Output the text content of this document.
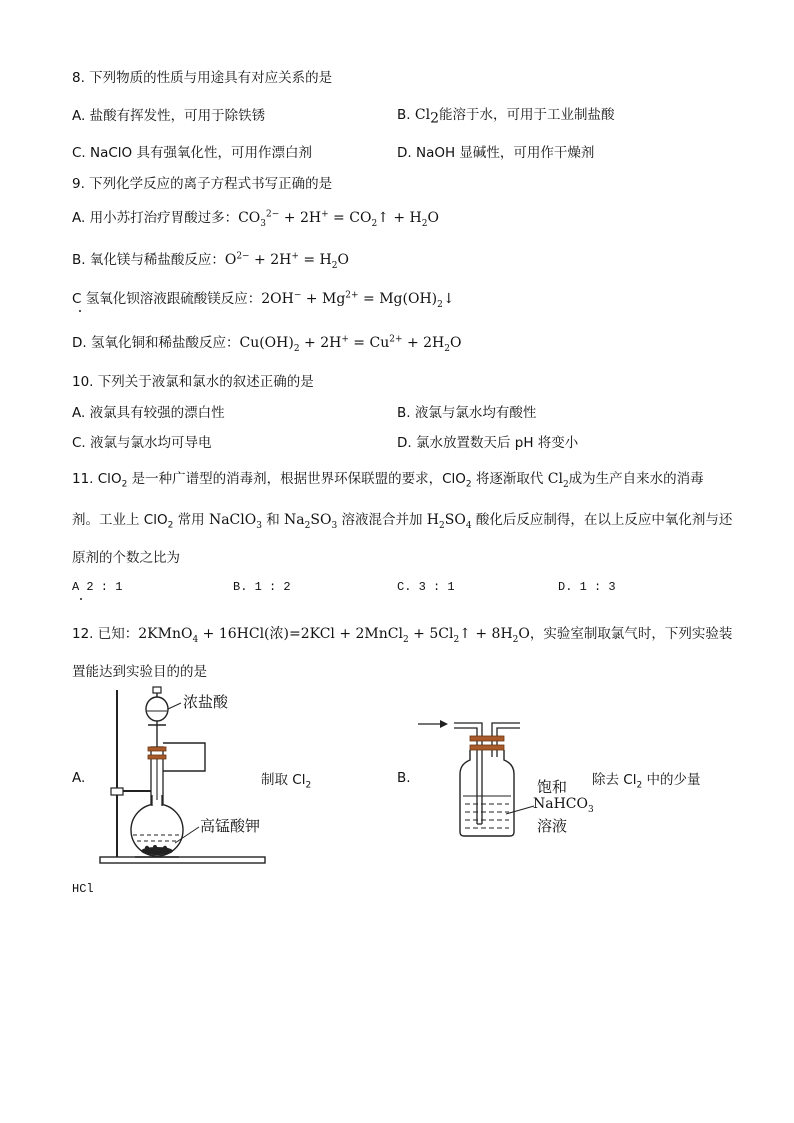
8. 下列物质的性质与用途具有对应关系的是
A. 盐酸有挥发性，可用于除铁锈	B. $Cl_2$能溶于水，可用于工业制盐酸
C. NaClO 具有强氧化性，可用作漂白剂	D. NaOH 显碱性，可用作干燥剂
9. 下列化学反应的离子方程式书写正确的是
A. 用小苏打治疗胃酸过多：$CO_3^{2-} + 2H^+$ = $CO_2↑ + H_2O$
B. 氧化镁与稀盐酸反应：$O^{2-} + 2H^+ = H_2O$
C 氢氧化钡溶液跟硫酸镁反应：$2OH^- + Mg^{2+}$ = $Mg(OH)_2↓$
D. 氢氧化铜和稀盐酸反应：$Cu(OH)_2 + 2H^+ = Cu^{2+} + 2H_2O$
10. 下列关于液氯和氯水的叙述正确的是
A. 液氯具有较强的漂白性	B. 液氯与氯水均有酸性
C. 液氯与氯水均可导电	D. 氯水放置数天后 pH 将变小
11. ClO$_2$ 是一种广谱型的消毒剂，根据世界环保联盟的要求，ClO$_2$ 将逐渐取代 $Cl_2$成为生产自来水的消毒
剂。工业上 ClO$_2$ 常用 NaClO$_3$ 和 $Na_2SO_3$ 溶液混合并加 $H_2SO_4$ 酸化后反应制得，在以上反应中氧化剂与还
原剂的个数之比为
A 2 : 1	B. 1 : 2	C. 3 : 1	D. 1 : 3
12. 已知：2KMnO$_4$ + 16HCl(浓)=2KCl + 2MnCl$_2$ + $5Cl_2↑ + 8H_2O$，实验室制取氯气时，下列实验装
置能达到实验目的的是
A.	制取 $Cl_2$	B.	除去 $Cl_2$ 中的少量
HCl
浓盐酸
高锰酸钾
饱和
NaHCO$_3$
溶液
